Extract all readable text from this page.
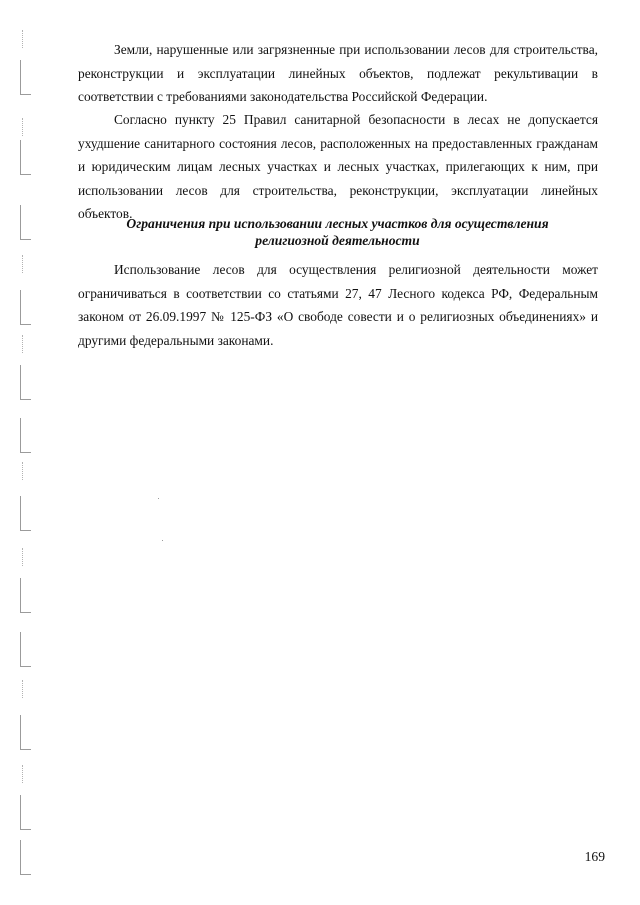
Земли, нарушенные или загрязненные при использовании лесов для строительства, реконструкции и эксплуатации линейных объектов, подлежат рекультивации в соответствии с требованиями законодательства Российской Федерации.

Согласно пункту 25 Правил санитарной безопасности в лесах не допускается ухудшение санитарного состояния лесов, расположенных на предоставленных гражданам и юридическим лицам лесных участках и лесных участках, прилегающих к ним, при использовании лесов для строительства, реконструкции, эксплуатации линейных объектов.

Ограничения при использовании лесных участков для осуществления
религиозной деятельности

Использование лесов для осуществления религиозной деятельности может ограничиваться в соответствии со статьями 27, 47 Лесного кодекса РФ, Федеральным законом от 26.09.1997 № 125-ФЗ «О свободе совести и о религиозных объединениях» и другими федеральными законами.

169
